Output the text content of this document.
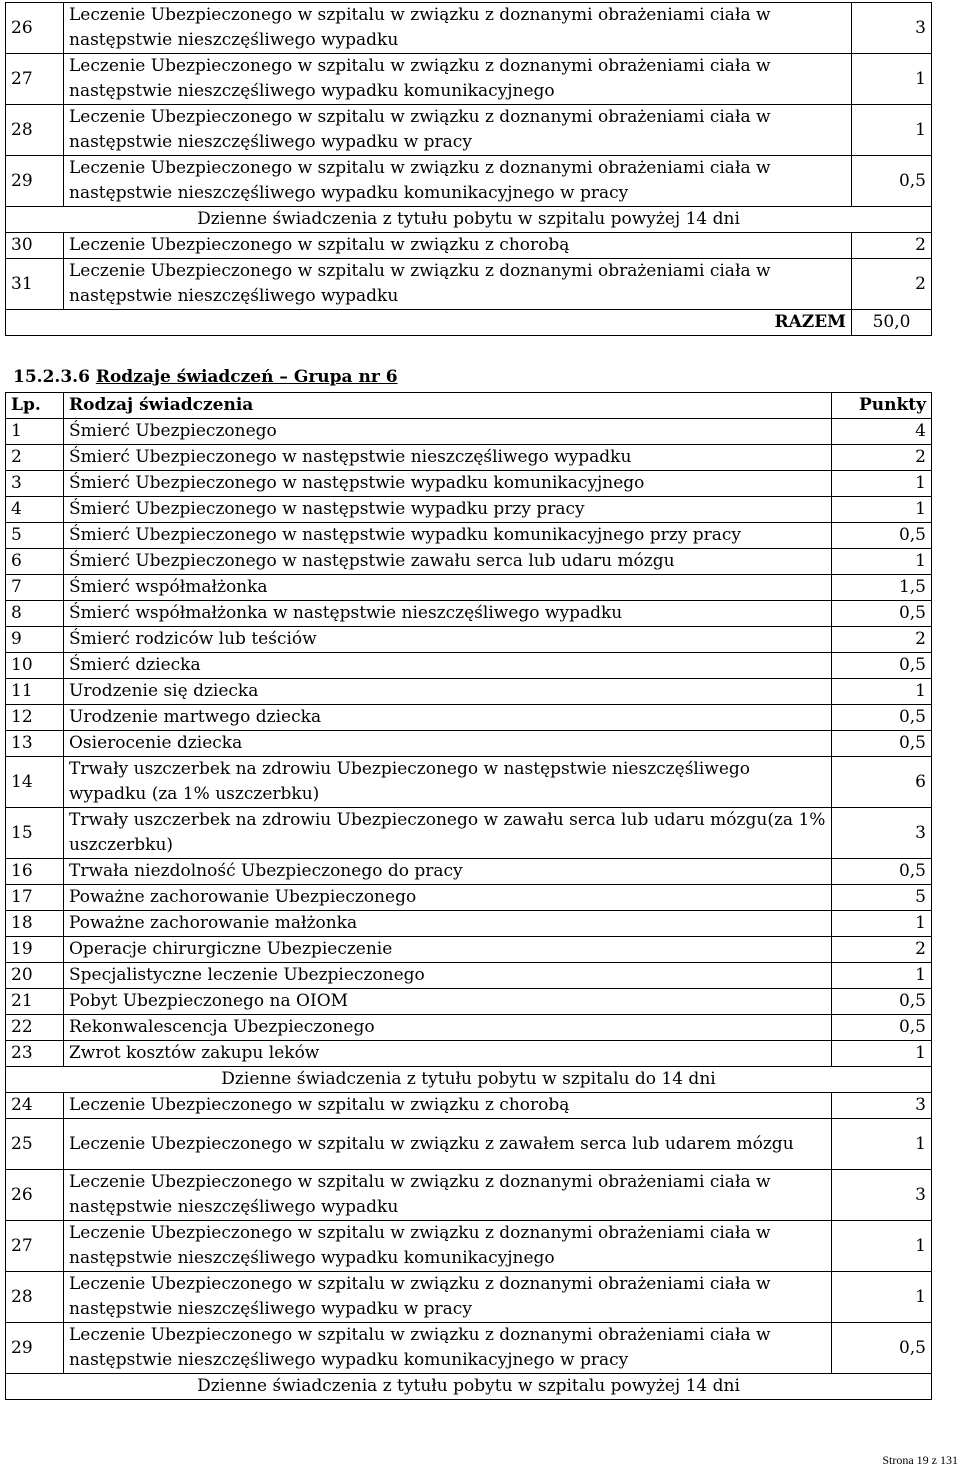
26	Leczenie Ubezpieczonego w szpitalu w związku z doznanymi obrażeniami ciała w następstwie nieszczęśliwego wypadku	3
27	Leczenie Ubezpieczonego w szpitalu w związku z doznanymi obrażeniami ciała w następstwie nieszczęśliwego wypadku komunikacyjnego	1
28	Leczenie Ubezpieczonego w szpitalu w związku z doznanymi obrażeniami ciała w następstwie nieszczęśliwego wypadku w pracy	1
29	Leczenie Ubezpieczonego w szpitalu w związku z doznanymi obrażeniami ciała w następstwie nieszczęśliwego wypadku komunikacyjnego w pracy	0,5
Dzienne świadczenia z tytułu pobytu w szpitalu powyżej 14 dni		
30	Leczenie Ubezpieczonego w szpitalu w związku z chorobą	2
31	Leczenie Ubezpieczonego w szpitalu w związku z doznanymi obrażeniami ciała w następstwie nieszczęśliwego wypadku	2
RAZEM		50,0
15.2.3.6 Rodzaje świadczeń – Grupa nr 6
Lp.	Rodzaj świadczenia	Punkty
1	Śmierć Ubezpieczonego	4
2	Śmierć Ubezpieczonego w następstwie nieszczęśliwego wypadku	2
3	Śmierć Ubezpieczonego w następstwie wypadku komunikacyjnego	1
4	Śmierć Ubezpieczonego w następstwie wypadku przy pracy	1
5	Śmierć Ubezpieczonego w następstwie wypadku komunikacyjnego przy pracy	0,5
6	Śmierć Ubezpieczonego w następstwie zawału serca lub udaru mózgu	1
7	Śmierć współmałżonka	1,5
8	Śmierć współmałżonka w następstwie nieszczęśliwego wypadku	0,5
9	Śmierć rodziców lub teściów	2
10	Śmierć dziecka	0,5
11	Urodzenie się dziecka	1
12	Urodzenie martwego dziecka	0,5
13	Osierocenie dziecka	0,5
14	Trwały uszczerbek na zdrowiu Ubezpieczonego w następstwie nieszczęśliwego wypadku (za 1% uszczerbku)	6
15	Trwały uszczerbek na zdrowiu Ubezpieczonego w zawału serca lub udaru mózgu(za 1% uszczerbku)	3
16	Trwała niezdolność Ubezpieczonego do pracy	0,5
17	Poważne zachorowanie Ubezpieczonego	5
18	Poważne zachorowanie małżonka	1
19	Operacje chirurgiczne Ubezpieczenie	2
20	Specjalistyczne leczenie Ubezpieczonego	1
21	Pobyt Ubezpieczonego na OIOM	0,5
22	Rekonwalescencja Ubezpieczonego	0,5
23	Zwrot kosztów zakupu leków	1
Dzienne świadczenia z tytułu pobytu w szpitalu do 14 dni		
24	Leczenie Ubezpieczonego w szpitalu w związku z chorobą	3
25	Leczenie Ubezpieczonego w szpitalu w związku z zawałem serca lub udarem mózgu	1
26	Leczenie Ubezpieczonego w szpitalu w związku z doznanymi obrażeniami ciała w następstwie nieszczęśliwego wypadku	3
27	Leczenie Ubezpieczonego w szpitalu w związku z doznanymi obrażeniami ciała w następstwie nieszczęśliwego wypadku komunikacyjnego	1
28	Leczenie Ubezpieczonego w szpitalu w związku z doznanymi obrażeniami ciała w następstwie nieszczęśliwego wypadku w pracy	1
29	Leczenie Ubezpieczonego w szpitalu w związku z doznanymi obrażeniami ciała w następstwie nieszczęśliwego wypadku komunikacyjnego w pracy	0,5
Dzienne świadczenia z tytułu pobytu w szpitalu powyżej 14 dni		
Strona 19 z 131
